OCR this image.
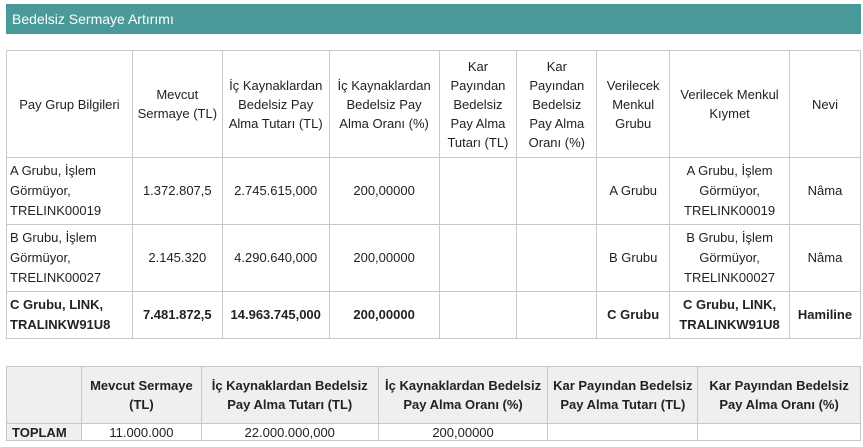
Bedelsiz Sermaye Artırımı
Pay Grup Bilgileri	Mevcut Sermaye (TL)	İç Kaynaklardan Bedelsiz Pay Alma Tutarı (TL)	İç Kaynaklardan Bedelsiz Pay Alma Oranı (%)	Kar Payından Bedelsiz Pay Alma Tutarı (TL)	Kar Payından Bedelsiz Pay Alma Oranı (%)	Verilecek Menkul Grubu	Verilecek Menkul Kıymet	Nevi
A Grubu, İşlem Görmüyor, TRELINK00019	1.372.807,5	2.745.615,000	200,00000			A Grubu	A Grubu, İşlem Görmüyor, TRELINK00019	Nâma
B Grubu, İşlem Görmüyor, TRELINK00027	2.145.320	4.290.640,000	200,00000			B Grubu	B Grubu, İşlem Görmüyor, TRELINK00027	Nâma
C Grubu, LINK, TRALINKW91U8	7.481.872,5	14.963.745,000	200,00000			C Grubu	C Grubu, LINK, TRALINKW91U8	Hamiline
	Mevcut Sermaye (TL)	İç Kaynaklardan Bedelsiz Pay Alma Tutarı (TL)	İç Kaynaklardan Bedelsiz Pay Alma Oranı (%)	Kar Payından Bedelsiz Pay Alma Tutarı (TL)	Kar Payından Bedelsiz Pay Alma Oranı (%)
TOPLAM	11.000.000	22.000.000,000	200,00000		
